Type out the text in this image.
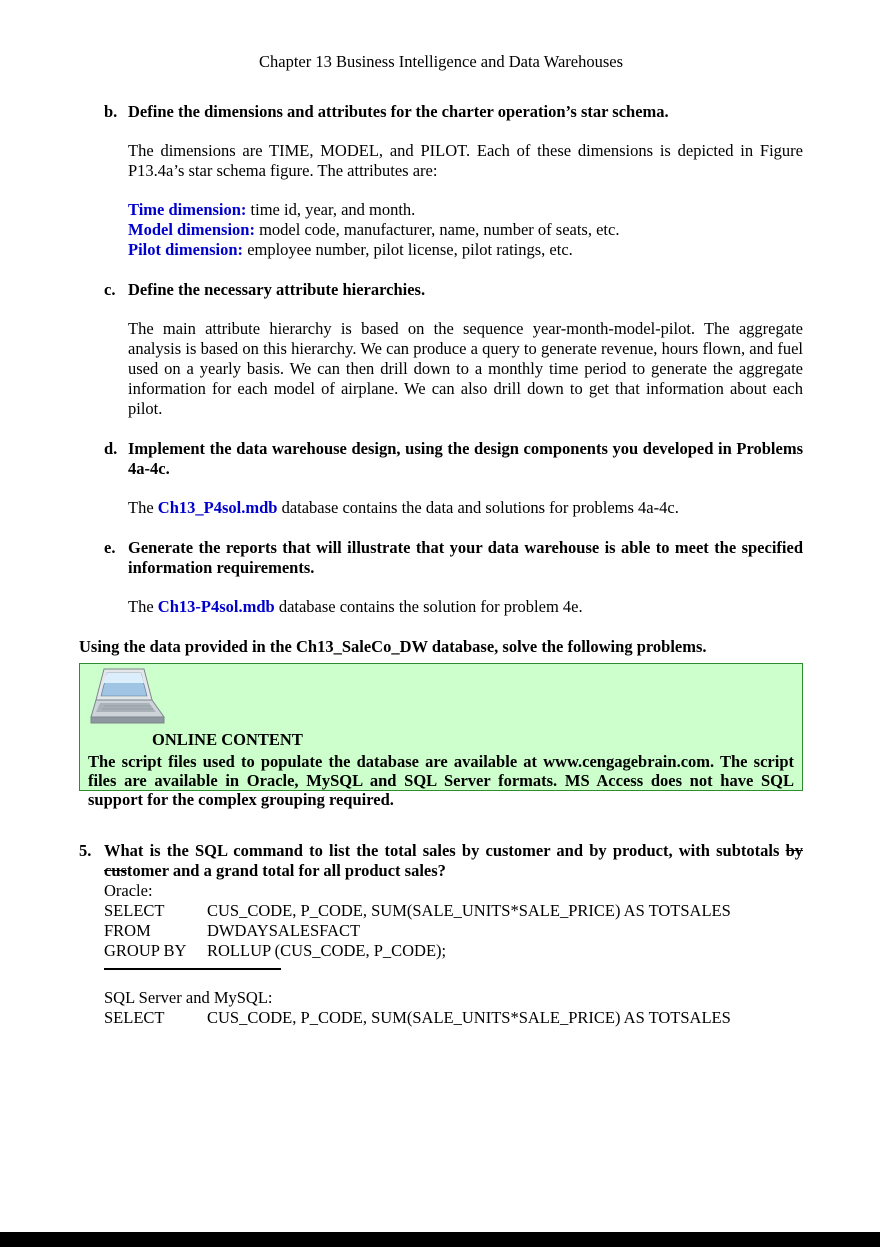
Chapter 13 Business Intelligence and Data Warehouses
b. Define the dimensions and attributes for the charter operation’s star schema.

The dimensions are TIME, MODEL, and PILOT. Each of these dimensions is depicted in Figure P13.4a’s star schema figure. The attributes are:

Time dimension: time id, year, and month.

Model dimension: model code, manufacturer, name, number of seats, etc.

Pilot dimension: employee number, pilot license, pilot ratings, etc.

c. Define the necessary attribute hierarchies.

The main attribute hierarchy is based on the sequence year-month-model-pilot. The aggregate analysis is based on this hierarchy. We can produce a query to generate revenue, hours flown, and fuel used on a yearly basis. We can then drill down to a monthly time period to generate the aggregate information for each model of airplane. We can also drill down to get that information about each pilot.

d. Implement the data warehouse design, using the design components you developed in Problems 4a-4c.

The Ch13_P4sol.mdb database contains the data and solutions for problems 4a-4c.

e. Generate the reports that will illustrate that your data warehouse is able to meet the specified information requirements.

The Ch13-P4sol.mdb database contains the solution for problem 4e.

Using the data provided in the Ch13_SaleCo_DW database, solve the following problems.

ONLINE CONTENT

The script files used to populate the database are available at www.cengagebrain.com. The script files are available in Oracle, MySQL and SQL Server formats. MS Access does not have SQL support for the complex grouping required.

5. What is the SQL command to list the total sales by customer and by product, with subtotals by customer and a grand total for all product sales?

Oracle:

SELECT	CUS_CODE, P_CODE, SUM(SALE_UNITS*SALE_PRICE) AS TOTSALES
FROM	DWDAYSALESFACT
GROUP BY	ROLLUP (CUS_CODE, P_CODE);

SQL Server and MySQL:

SELECT	CUS_CODE, P_CODE, SUM(SALE_UNITS*SALE_PRICE) AS TOTSALES
